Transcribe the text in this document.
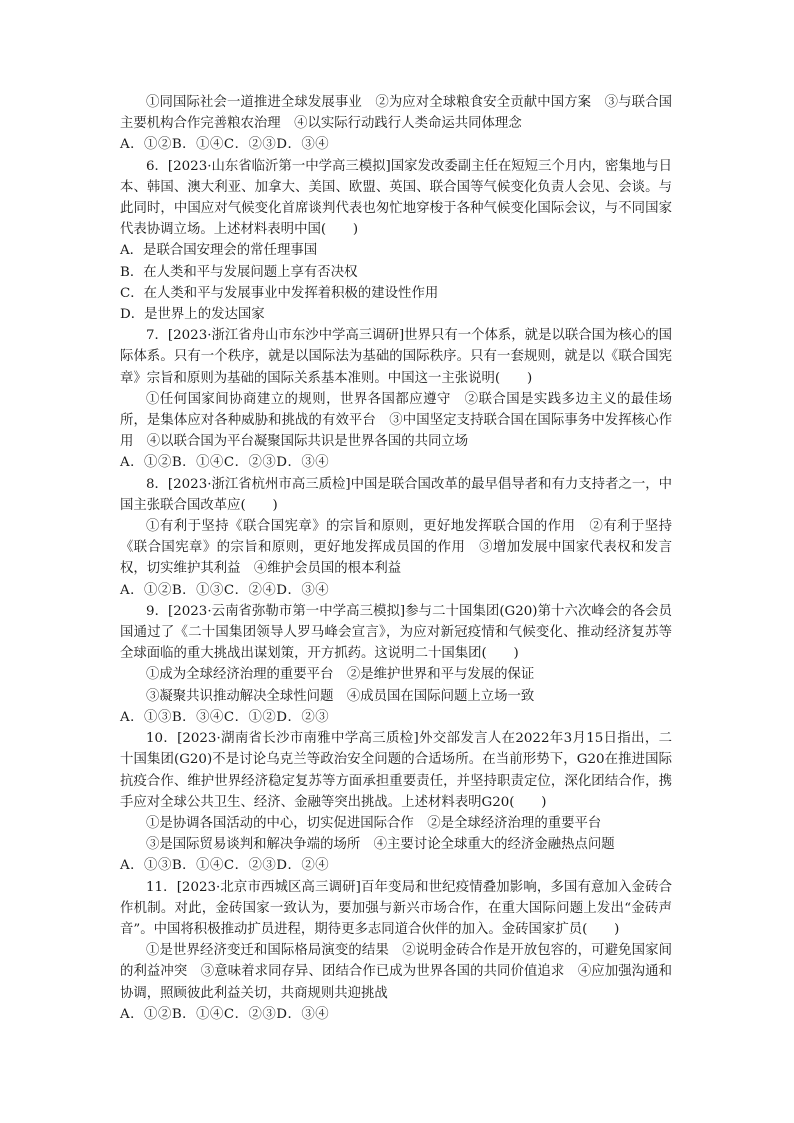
①同国际社会一道推进全球发展事业　②为应对全球粮食安全贡献中国方案　③与联合国主要机构合作完善粮农治理　④以实际行动践行人类命运共同体理念

A．①②B．①④C．②③D．③④

6．[2023·山东省临沂第一中学高三模拟]国家发改委副主任在短短三个月内，密集地与日本、韩国、澳大利亚、加拿大、美国、欧盟、英国、联合国等气候变化负责人会见、会谈。与此同时，中国应对气候变化首席谈判代表也匆忙地穿梭于各种气候变化国际会议，与不同国家代表协调立场。上述材料表明中国(　　)

A．是联合国安理会的常任理事国

B．在人类和平与发展问题上享有否决权

C．在人类和平与发展事业中发挥着积极的建设性作用

D．是世界上的发达国家

7．[2023·浙江省舟山市东沙中学高三调研]世界只有一个体系，就是以联合国为核心的国际体系。只有一个秩序，就是以国际法为基础的国际秩序。只有一套规则，就是以《联合国宪章》宗旨和原则为基础的国际关系基本准则。中国这一主张说明(　　)

①任何国家间协商建立的规则，世界各国都应遵守　②联合国是实践多边主义的最佳场所，是集体应对各种威胁和挑战的有效平台　③中国坚定支持联合国在国际事务中发挥核心作用　④以联合国为平台凝聚国际共识是世界各国的共同立场

A．①②B．①④C．②③D．③④

8．[2023·浙江省杭州市高三质检]中国是联合国改革的最早倡导者和有力支持者之一，中国主张联合国改革应(　　)

①有利于坚持《联合国宪章》的宗旨和原则，更好地发挥联合国的作用　②有利于坚持《联合国宪章》的宗旨和原则，更好地发挥成员国的作用　③增加发展中国家代表权和发言权，切实维护其利益　④维护会员国的根本利益

A．①②B．①③C．②④D．③④

9．[2023·云南省弥勒市第一中学高三模拟]参与二十国集团(G20)第十六次峰会的各会员国通过了《二十国集团领导人罗马峰会宣言》，为应对新冠疫情和气候变化、推动经济复苏等全球面临的重大挑战出谋划策，开方抓药。这说明二十国集团(　　)

①成为全球经济治理的重要平台　②是维护世界和平与发展的保证

③凝聚共识推动解决全球性问题　④成员国在国际问题上立场一致

A．①③B．③④C．①②D．②③

10．[2023·湖南省长沙市南雅中学高三质检]外交部发言人在2022年3月15日指出，二十国集团(G20)不是讨论乌克兰等政治安全问题的合适场所。在当前形势下，G20在推进国际抗疫合作、维护世界经济稳定复苏等方面承担重要责任，并坚持职责定位，深化团结合作，携手应对全球公共卫生、经济、金融等突出挑战。上述材料表明G20(　　)

①是协调各国活动的中心，切实促进国际合作　②是全球经济治理的重要平台

③是国际贸易谈判和解决争端的场所　④主要讨论全球重大的经济金融热点问题

A．①③B．①④C．②③D．②④

11．[2023·北京市西城区高三调研]百年变局和世纪疫情叠加影响，多国有意加入金砖合作机制。对此，金砖国家一致认为，要加强与新兴市场合作，在重大国际问题上发出“金砖声音”。中国将积极推动扩员进程，期待更多志同道合伙伴的加入。金砖国家扩员(　　)

①是世界经济变迁和国际格局演变的结果　②说明金砖合作是开放包容的，可避免国家间的利益冲突　③意味着求同存异、团结合作已成为世界各国的共同价值追求　④应加强沟通和协调，照顾彼此利益关切，共商规则共迎挑战

A．①②B．①④C．②③D．③④
